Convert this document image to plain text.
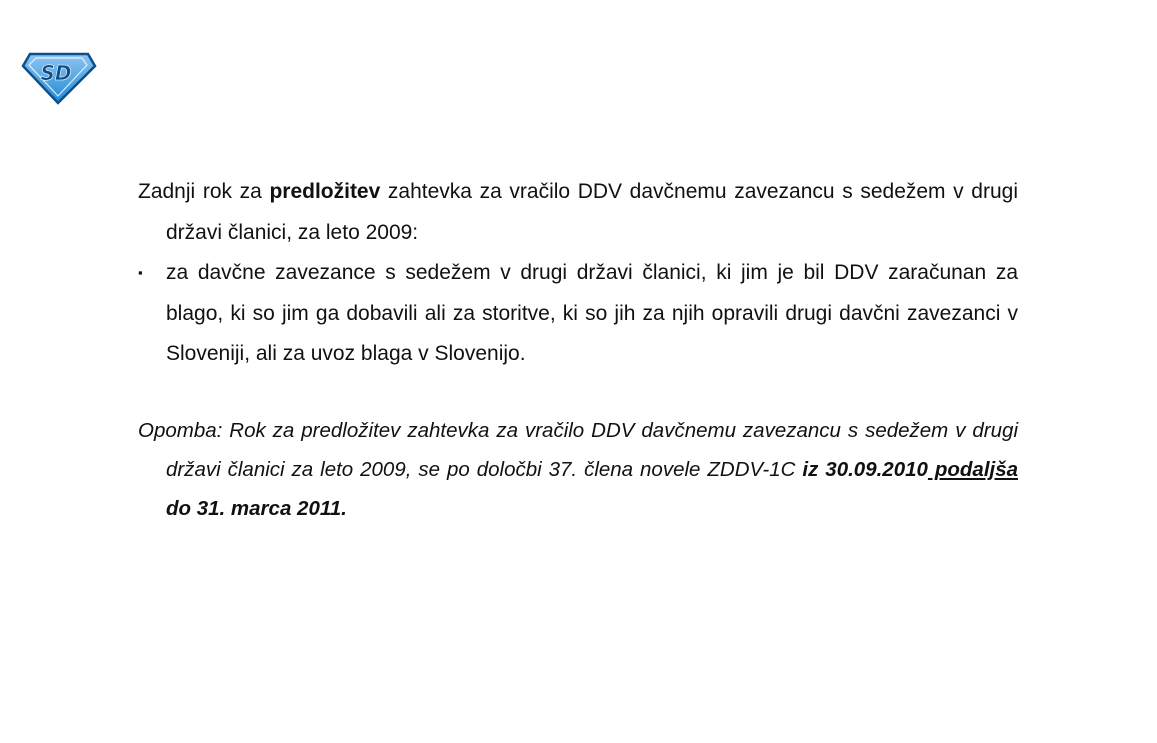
SD

Zadnji rok za predložitev zahtevka za vračilo DDV davčnemu zavezancu s sedežem v drugi državi članici, za leto 2009:

▪ za davčne zavezance s sedežem v drugi državi članici, ki jim je bil DDV zaračunan za blago, ki so jim ga dobavili ali za storitve, ki so jih za njih opravili drugi davčni zavezanci v Sloveniji, ali za uvoz blaga v Slovenijo.

Opomba: Rok za predložitev zahtevka za vračilo DDV davčnemu zavezancu s sedežem v drugi državi članici za leto 2009, se po določbi 37. člena novele ZDDV-1C iz 30.09.2010 podaljša do 31. marca 2011.
